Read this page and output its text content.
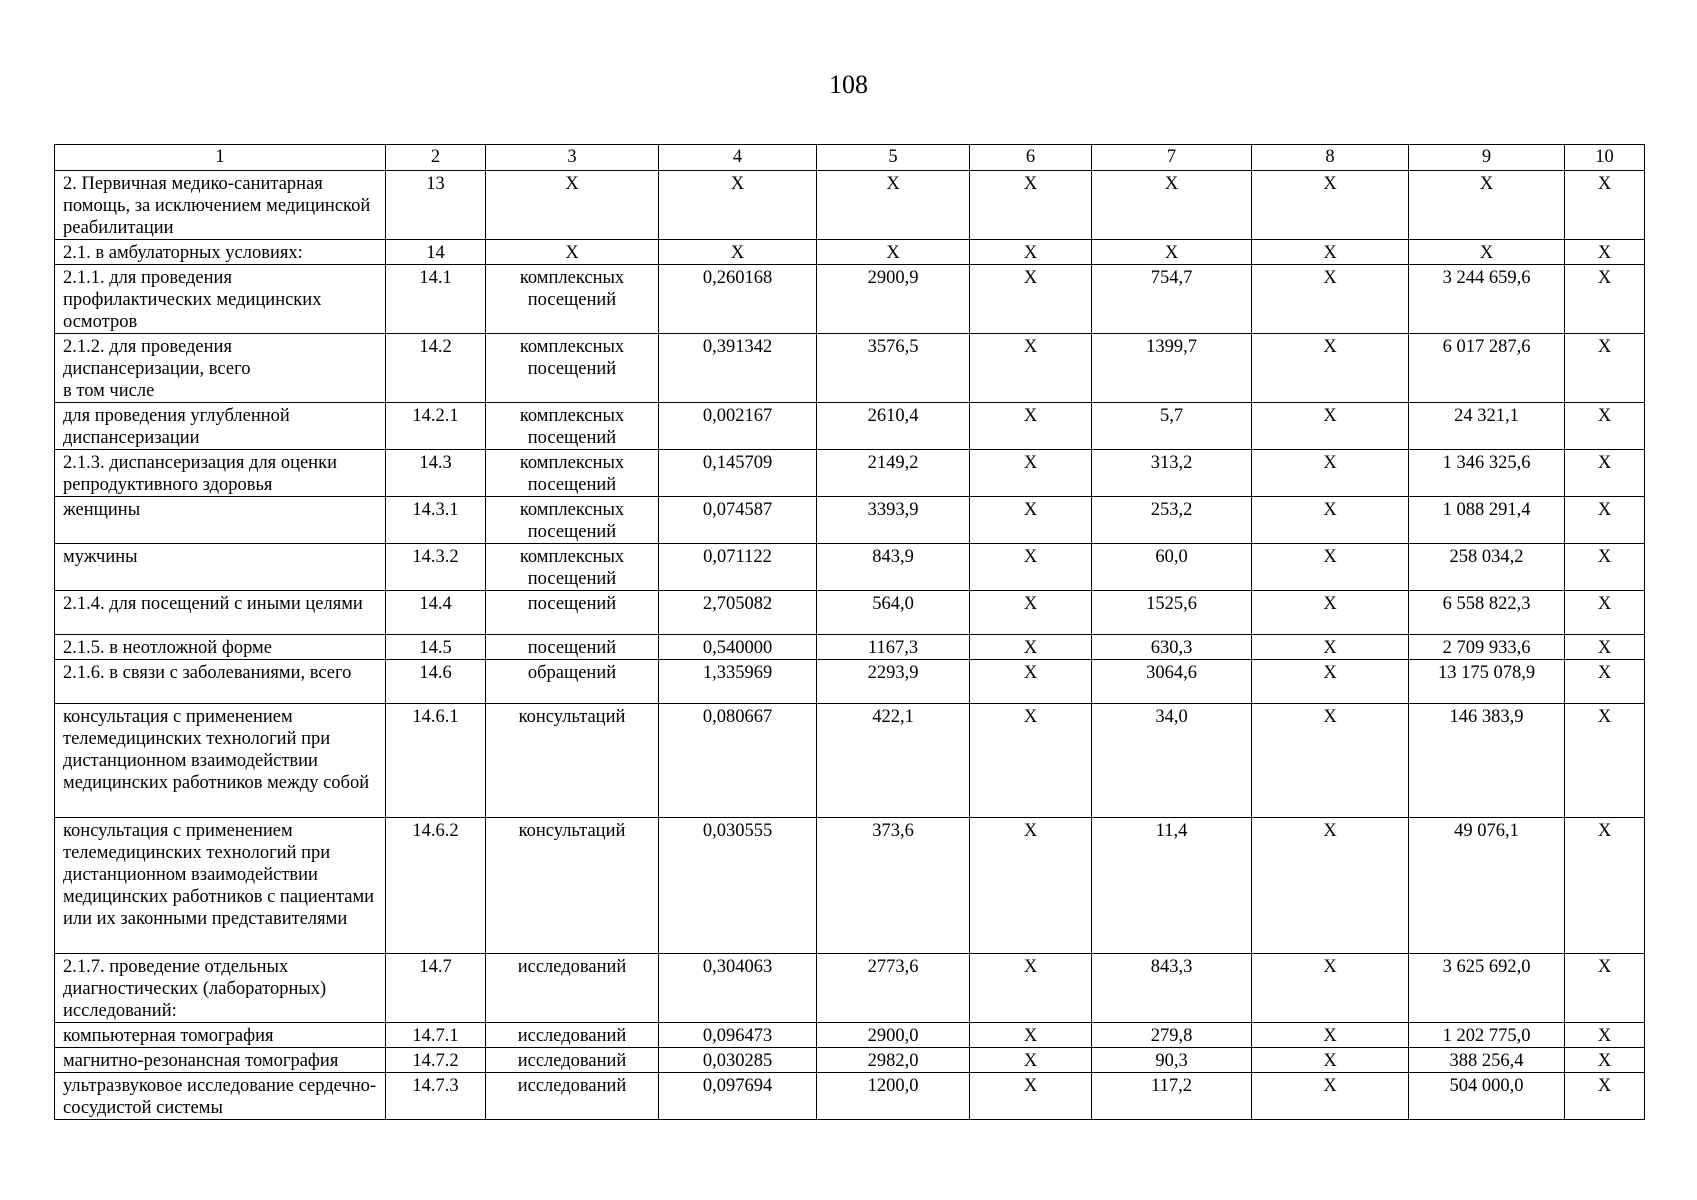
108
1	2	3	4	5	6	7	8	9	10
2. Первичная медико-санитарная помощь, за исключением медицинской реабилитации	13	Х	Х	Х	Х	Х	Х	Х	Х
2.1. в амбулаторных условиях:	14	Х	Х	Х	Х	Х	Х	Х	Х
2.1.1. для проведения профилактических медицинских осмотров	14.1	комплексных посещений	0,260168	2900,9	Х	754,7	Х	3 244 659,6	Х
2.1.2. для проведения диспансеризации, всего
в том числе	14.2	комплексных посещений	0,391342	3576,5	Х	1399,7	Х	6 017 287,6	Х
для проведения углубленной диспансеризации	14.2.1	комплексных посещений	0,002167	2610,4	Х	5,7	Х	24 321,1	Х
2.1.3. диспансеризация для оценки репродуктивного здоровья	14.3	комплексных посещений	0,145709	2149,2	Х	313,2	Х	1 346 325,6	Х
женщины	14.3.1	комплексных посещений	0,074587	3393,9	Х	253,2	Х	1 088 291,4	Х
мужчины	14.3.2	комплексных посещений	0,071122	843,9	Х	60,0	Х	258 034,2	Х
2.1.4. для посещений с иными целями	14.4	посещений	2,705082	564,0	Х	1525,6	Х	6 558 822,3	Х
2.1.5. в неотложной форме	14.5	посещений	0,540000	1167,3	Х	630,3	Х	2 709 933,6	Х
2.1.6. в связи с заболеваниями, всего	14.6	обращений	1,335969	2293,9	Х	3064,6	Х	13 175 078,9	Х
консультация с применением телемедицинских технологий при дистанционном взаимодействии медицинских работников между собой	14.6.1	консультаций	0,080667	422,1	Х	34,0	Х	146 383,9	Х
консультация с применением телемедицинских технологий при дистанционном взаимодействии медицинских работников с пациентами или их законными представителями	14.6.2	консультаций	0,030555	373,6	Х	11,4	Х	49 076,1	Х
2.1.7. проведение отдельных диагностических (лабораторных) исследований:	14.7	исследований	0,304063	2773,6	Х	843,3	Х	3 625 692,0	Х
компьютерная томография	14.7.1	исследований	0,096473	2900,0	Х	279,8	Х	1 202 775,0	Х
магнитно-резонансная томография	14.7.2	исследований	0,030285	2982,0	Х	90,3	Х	388 256,4	Х
ультразвуковое исследование сердечно-сосудистой системы	14.7.3	исследований	0,097694	1200,0	Х	117,2	Х	504 000,0	Х
